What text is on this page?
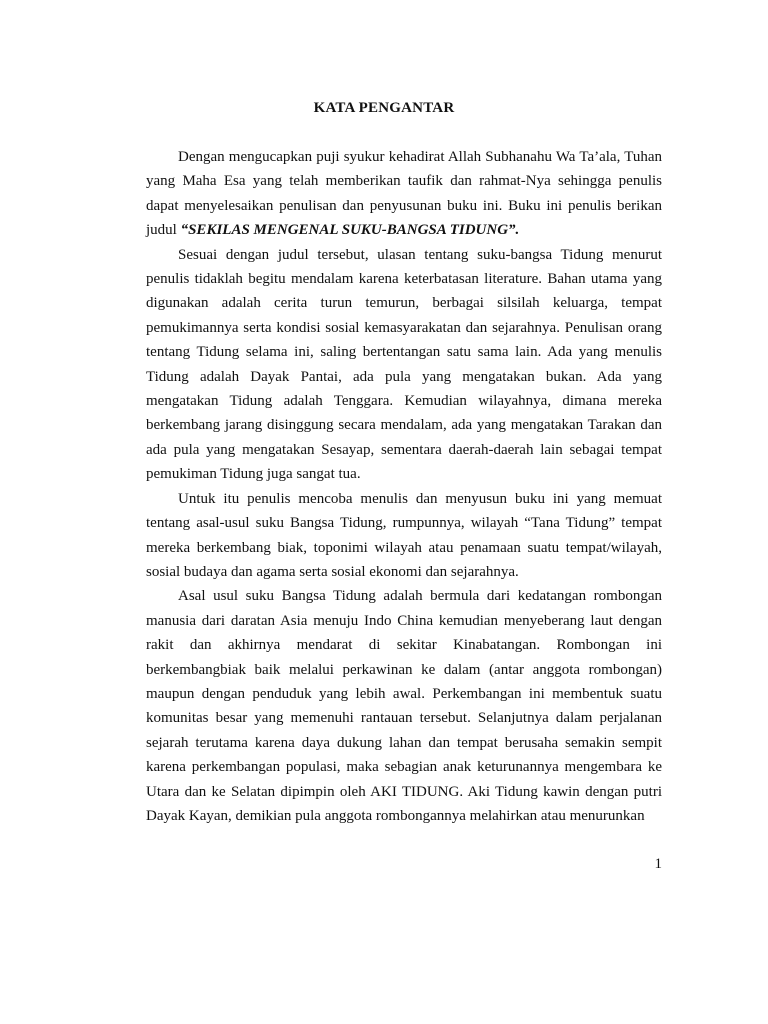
KATA PENGANTAR

Dengan mengucapkan puji syukur kehadirat Allah Subhanahu Wa Ta’ala, Tuhan yang Maha Esa yang telah memberikan taufik dan rahmat-Nya sehingga penulis dapat menyelesaikan penulisan dan penyusunan buku ini. Buku ini penulis berikan judul “SEKILAS MENGENAL SUKU-BANGSA TIDUNG”.

Sesuai dengan judul tersebut, ulasan tentang suku-bangsa Tidung menurut penulis tidaklah begitu mendalam karena keterbatasan literature. Bahan utama yang digunakan adalah cerita turun temurun, berbagai silsilah keluarga, tempat pemukimannya serta kondisi sosial kemasyarakatan dan sejarahnya. Penulisan orang tentang Tidung selama ini, saling bertentangan satu sama lain. Ada yang menulis Tidung adalah Dayak Pantai, ada pula yang mengatakan bukan. Ada yang mengatakan Tidung adalah Tenggara. Kemudian wilayahnya, dimana mereka berkembang jarang disinggung secara mendalam, ada yang mengatakan Tarakan dan ada pula yang mengatakan Sesayap, sementara daerah-daerah lain sebagai tempat pemukiman Tidung juga sangat tua.

Untuk itu penulis mencoba menulis dan menyusun buku ini yang memuat tentang asal-usul suku Bangsa Tidung, rumpunnya, wilayah “Tana Tidung” tempat mereka berkembang biak, toponimi wilayah atau penamaan suatu tempat/wilayah, sosial budaya dan agama serta sosial ekonomi dan sejarahnya.

Asal usul suku Bangsa Tidung adalah bermula dari kedatangan rombongan manusia dari daratan Asia menuju Indo China kemudian menyeberang laut dengan rakit dan akhirnya mendarat di sekitar Kinabatangan. Rombongan ini berkembangbiak baik melalui perkawinan ke dalam (antar anggota rombongan) maupun dengan penduduk yang lebih awal. Perkembangan ini membentuk suatu komunitas besar yang memenuhi rantauan tersebut. Selanjutnya dalam perjalanan sejarah terutama karena daya dukung lahan dan tempat berusaha semakin sempit karena perkembangan populasi, maka sebagian anak keturunannya mengembara ke Utara dan ke Selatan dipimpin oleh AKI TIDUNG. Aki Tidung kawin dengan putri Dayak Kayan, demikian pula anggota rombongannya melahirkan atau menurunkan

1
